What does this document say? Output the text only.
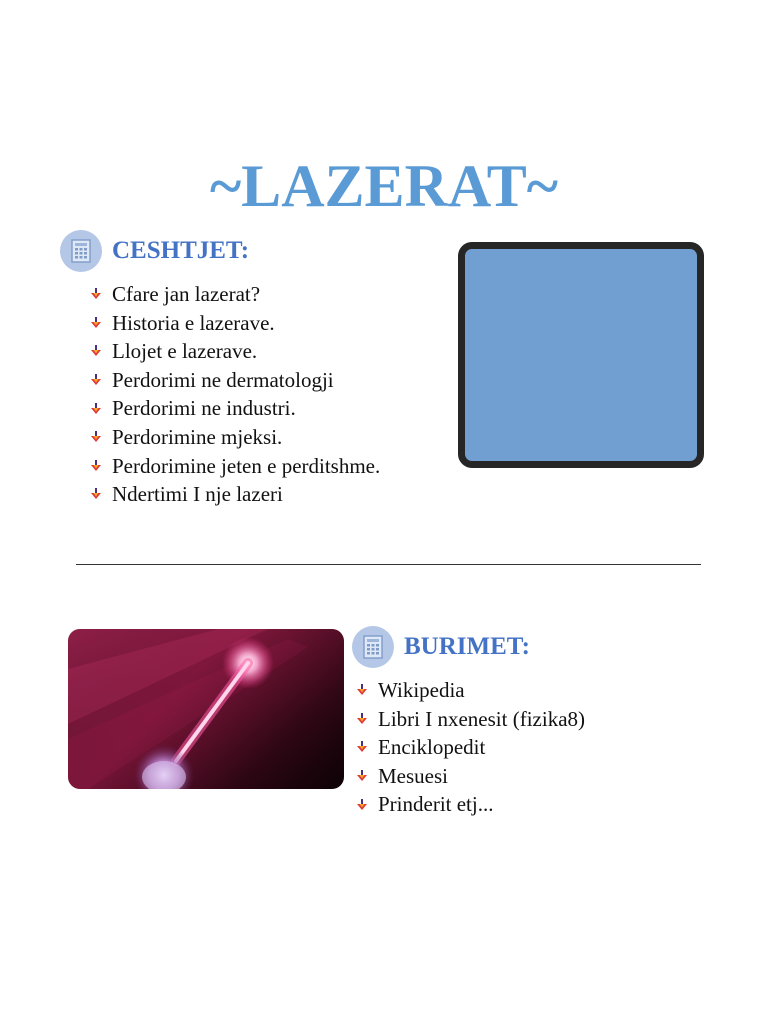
~LAZERAT~
CESHTJET:
Cfare jan lazerat?
Historia e lazerave.
Llojet e lazerave.
Perdorimi ne dermatologji
Perdorimi ne industri.
Perdorimine mjeksi.
Perdorimine jeten e perditshme.
Ndertimi I nje lazeri
BURIMET:
Wikipedia
Libri I nxenesit (fizika8)
Enciklopedit
Mesuesi
Prinderit etj...
